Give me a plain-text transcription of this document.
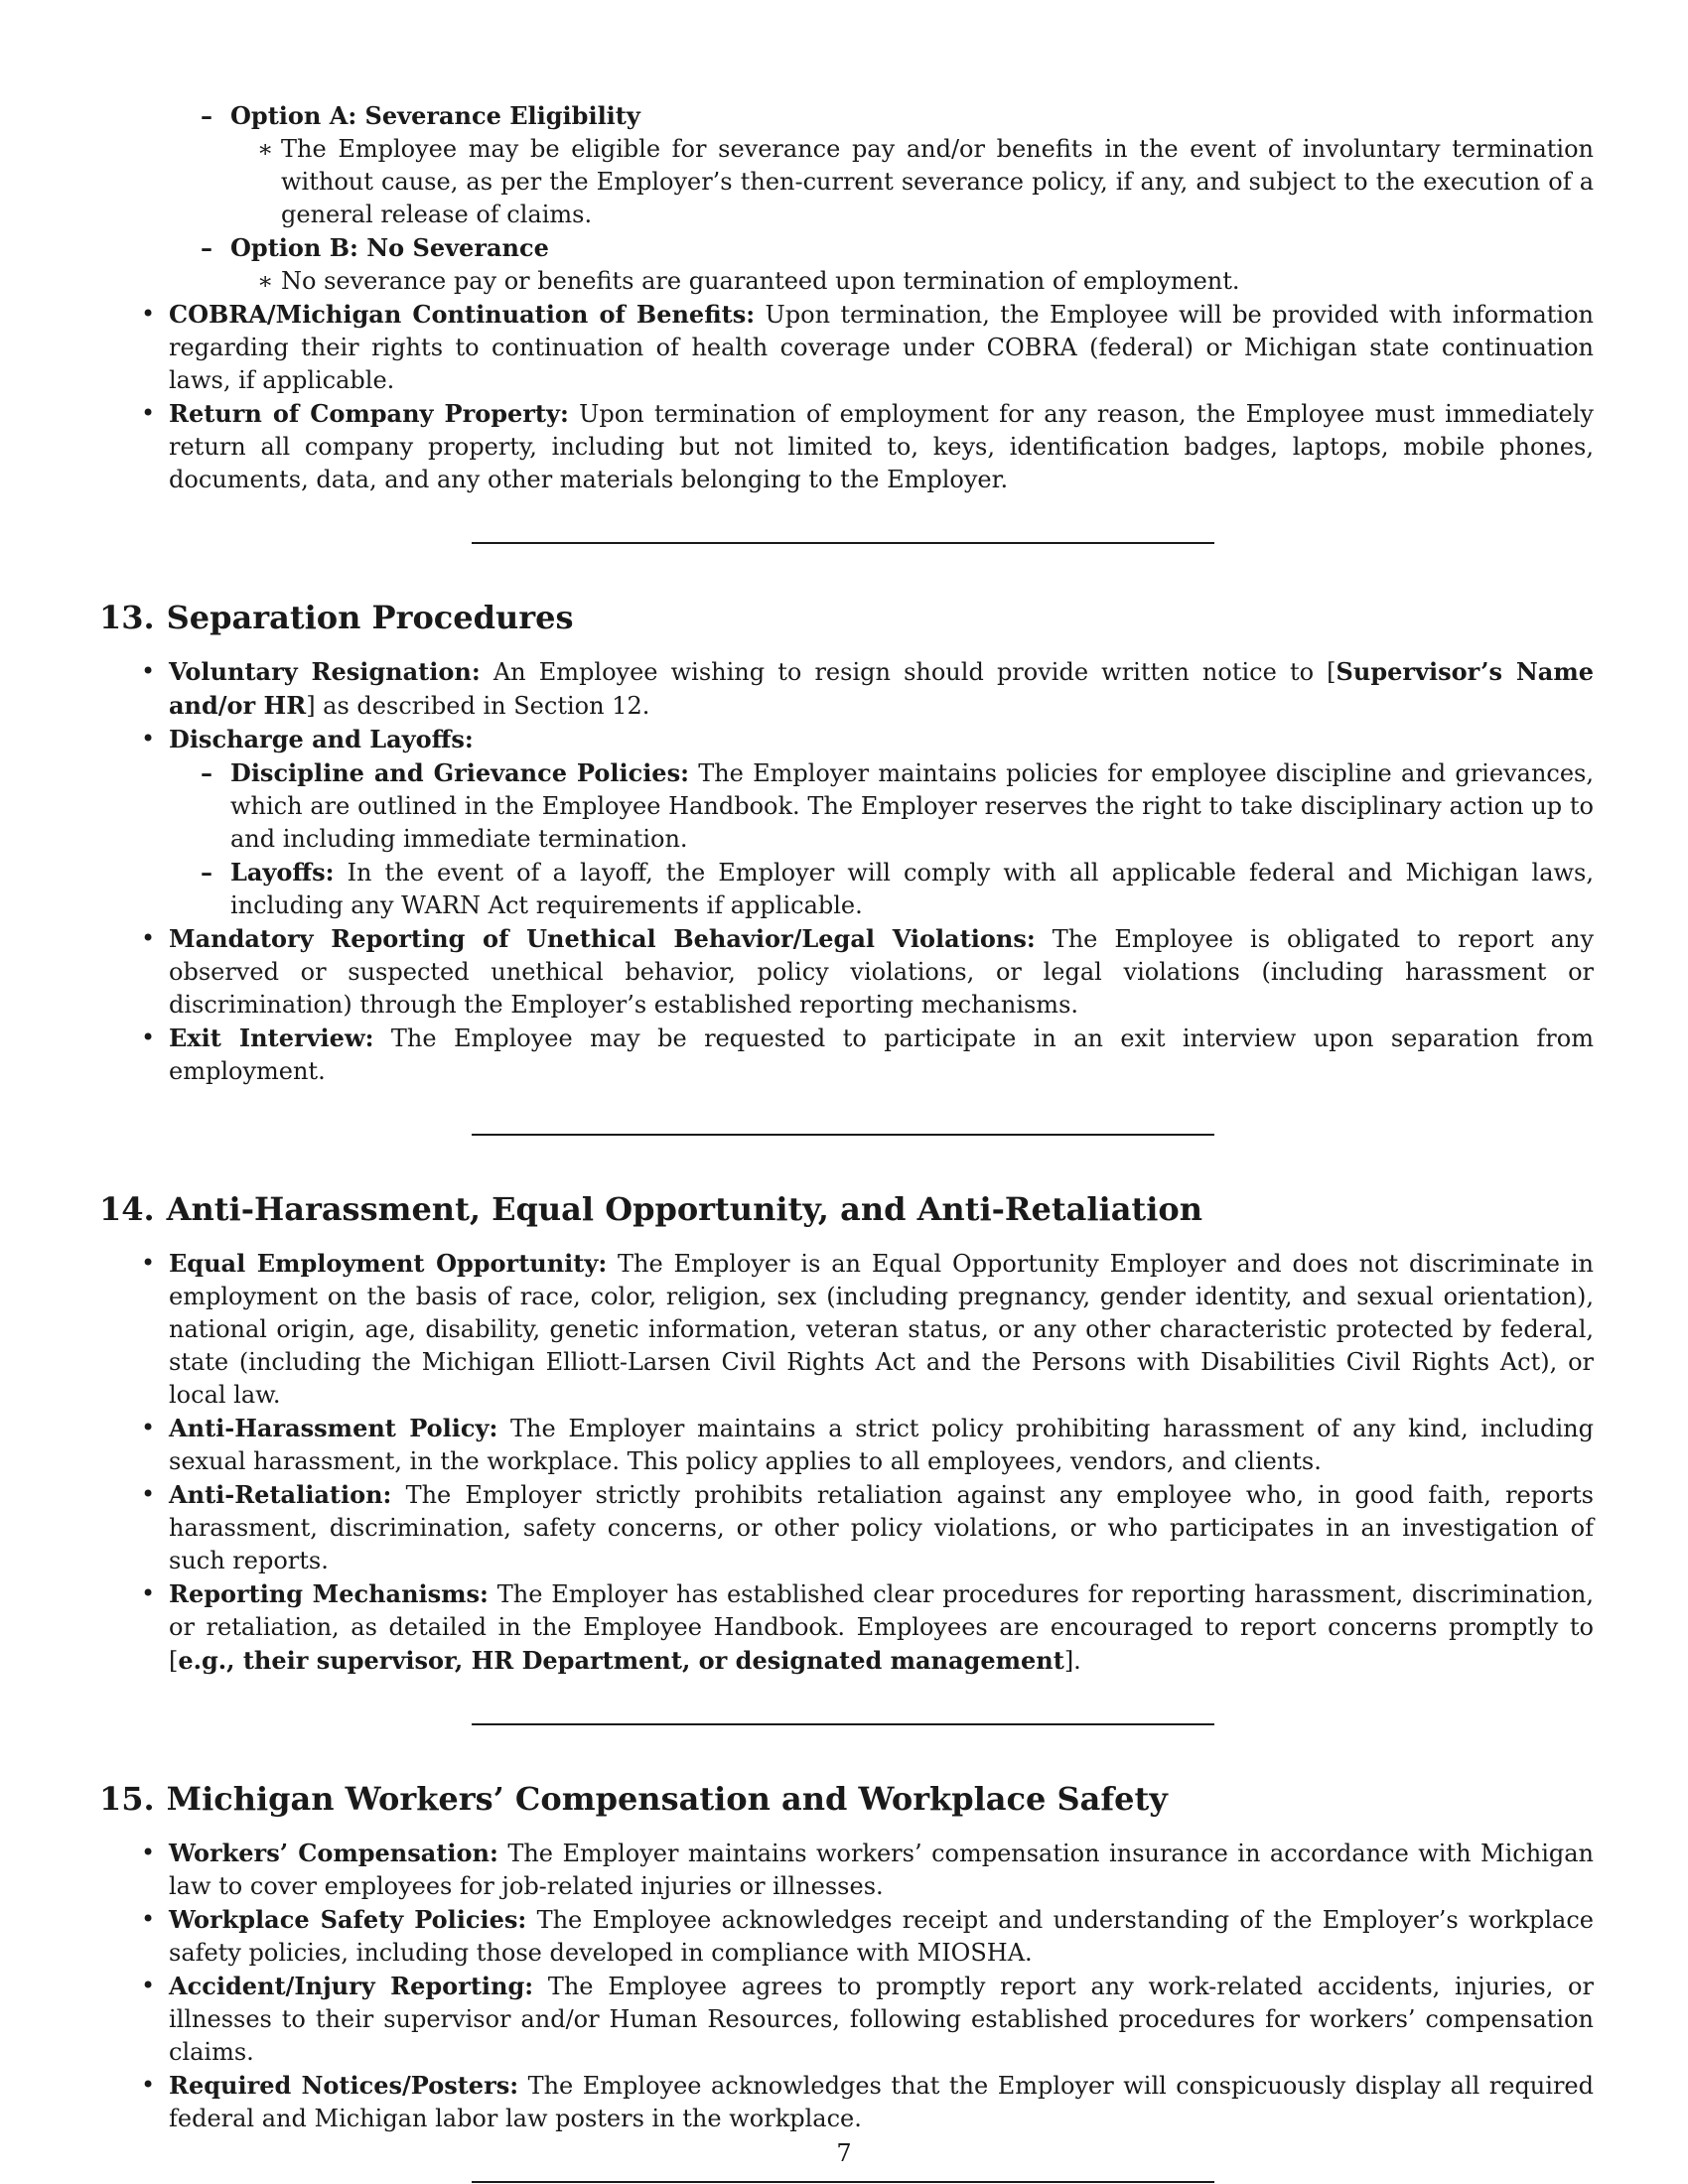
– Option A: Severance Eligibility
∗ The Employee may be eligible for severance pay and/or benefits in the event of involuntary termination without cause, as per the Employer’s then-current severance policy, if any, and subject to the execution of a general release of claims.
– Option B: No Severance
∗ No severance pay or benefits are guaranteed upon termination of employment.
• COBRA/Michigan Continuation of Benefits: Upon termination, the Employee will be provided with information regarding their rights to continuation of health coverage under COBRA (federal) or Michigan state continuation laws, if applicable.
• Return of Company Property: Upon termination of employment for any reason, the Employee must immediately return all company property, including but not limited to, keys, identification badges, laptops, mobile phones, documents, data, and any other materials belonging to the Employer.
13. Separation Procedures
• Voluntary Resignation: An Employee wishing to resign should provide written notice to [Supervisor’s Name and/or HR] as described in Section 12.
• Discharge and Layoffs:
– Discipline and Grievance Policies: The Employer maintains policies for employee discipline and grievances, which are outlined in the Employee Handbook. The Employer reserves the right to take disciplinary action up to and including immediate termination.
– Layoffs: In the event of a layoff, the Employer will comply with all applicable federal and Michigan laws, including any WARN Act requirements if applicable.
• Mandatory Reporting of Unethical Behavior/Legal Violations: The Employee is obligated to report any observed or suspected unethical behavior, policy violations, or legal violations (including harassment or discrimination) through the Employer’s established reporting mechanisms.
• Exit Interview: The Employee may be requested to participate in an exit interview upon separation from employment.
14. Anti-Harassment, Equal Opportunity, and Anti-Retaliation
• Equal Employment Opportunity: The Employer is an Equal Opportunity Employer and does not discriminate in employment on the basis of race, color, religion, sex (including pregnancy, gender identity, and sexual orientation), national origin, age, disability, genetic information, veteran status, or any other characteristic protected by federal, state (including the Michigan Elliott-Larsen Civil Rights Act and the Persons with Disabilities Civil Rights Act), or local law.
• Anti-Harassment Policy: The Employer maintains a strict policy prohibiting harassment of any kind, including sexual harassment, in the workplace. This policy applies to all employees, vendors, and clients.
• Anti-Retaliation: The Employer strictly prohibits retaliation against any employee who, in good faith, reports harassment, discrimination, safety concerns, or other policy violations, or who participates in an investigation of such reports.
• Reporting Mechanisms: The Employer has established clear procedures for reporting harassment, discrimination, or retaliation, as detailed in the Employee Handbook. Employees are encouraged to report concerns promptly to [e.g., their supervisor, HR Department, or designated management].
15. Michigan Workers’ Compensation and Workplace Safety
• Workers’ Compensation: The Employer maintains workers’ compensation insurance in accordance with Michigan law to cover employees for job-related injuries or illnesses.
• Workplace Safety Policies: The Employee acknowledges receipt and understanding of the Employer’s workplace safety policies, including those developed in compliance with MIOSHA.
• Accident/Injury Reporting: The Employee agrees to promptly report any work-related accidents, injuries, or illnesses to their supervisor and/or Human Resources, following established procedures for workers’ compensation claims.
• Required Notices/Posters: The Employee acknowledges that the Employer will conspicuously display all required federal and Michigan labor law posters in the workplace.
7
